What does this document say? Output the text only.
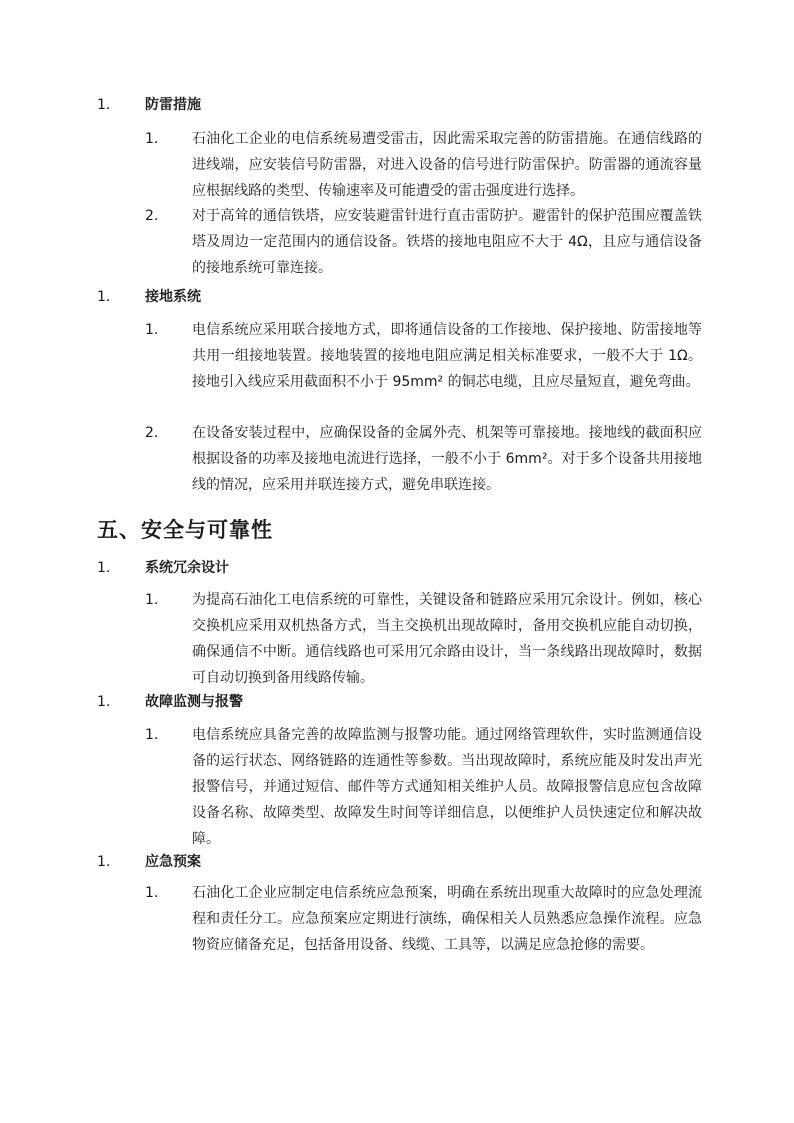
1. 防雷措施
1. 石油化工企业的电信系统易遭受雷击，因此需采取完善的防雷措施。在通信线路的进线端，应安装信号防雷器，对进入设备的信号进行防雷保护。防雷器的通流容量应根据线路的类型、传输速率及可能遭受的雷击强度进行选择。
2. 对于高耸的通信铁塔，应安装避雷针进行直击雷防护。避雷针的保护范围应覆盖铁塔及周边一定范围内的通信设备。铁塔的接地电阻应不大于 4Ω，且应与通信设备的接地系统可靠连接。
1. 接地系统
1. 电信系统应采用联合接地方式，即将通信设备的工作接地、保护接地、防雷接地等共用一组接地装置。接地装置的接地电阻应满足相关标准要求，一般不大于 1Ω。接地引入线应采用截面积不小于 95mm² 的铜芯电缆，且应尽量短直，避免弯曲。
2. 在设备安装过程中，应确保设备的金属外壳、机架等可靠接地。接地线的截面积应根据设备的功率及接地电流进行选择，一般不小于 6mm²。对于多个设备共用接地线的情况，应采用并联连接方式，避免串联连接。
五、安全与可靠性
1. 系统冗余设计
1. 为提高石油化工电信系统的可靠性，关键设备和链路应采用冗余设计。例如，核心交换机应采用双机热备方式，当主交换机出现故障时，备用交换机应能自动切换，确保通信不中断。通信线路也可采用冗余路由设计，当一条线路出现故障时，数据可自动切换到备用线路传输。
1. 故障监测与报警
1. 电信系统应具备完善的故障监测与报警功能。通过网络管理软件，实时监测通信设备的运行状态、网络链路的连通性等参数。当出现故障时，系统应能及时发出声光报警信号，并通过短信、邮件等方式通知相关维护人员。故障报警信息应包含故障设备名称、故障类型、故障发生时间等详细信息，以便维护人员快速定位和解决故障。
1. 应急预案
1. 石油化工企业应制定电信系统应急预案，明确在系统出现重大故障时的应急处理流程和责任分工。应急预案应定期进行演练，确保相关人员熟悉应急操作流程。应急物资应储备充足，包括备用设备、线缆、工具等，以满足应急抢修的需要。
